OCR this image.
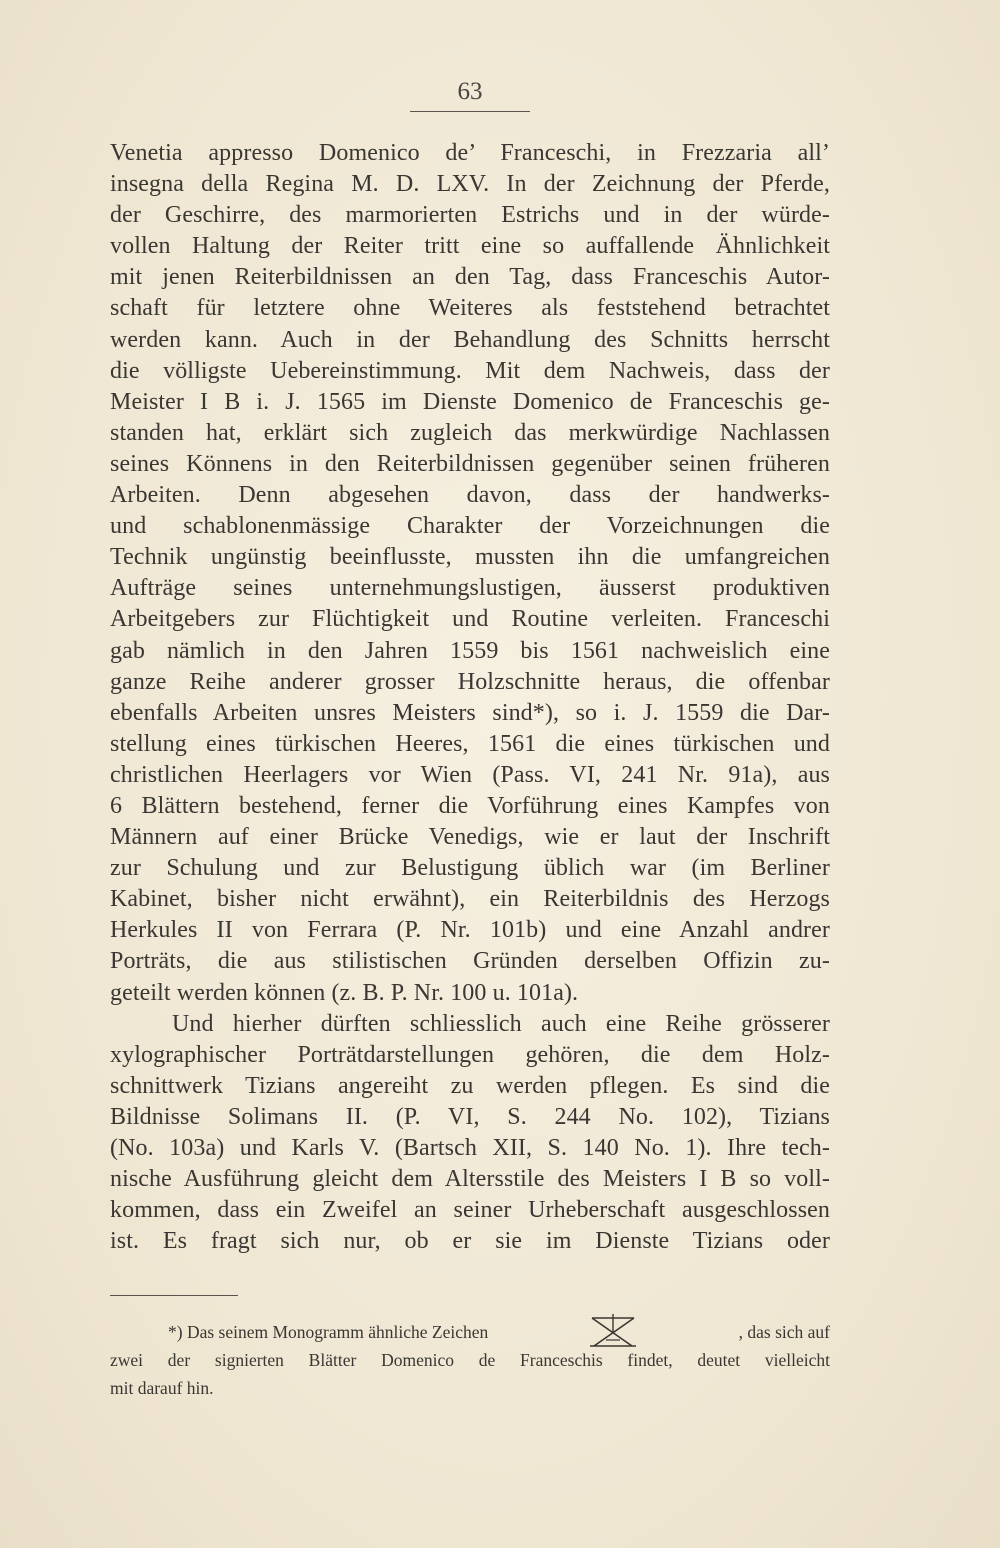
63
Venetia appresso Domenico de’ Franceschi, in Frezzaria all’
insegna della Regina M. D. LXV. In der Zeichnung der Pferde,
der Geschirre, des marmorierten Estrichs und in der würde-
vollen Haltung der Reiter tritt eine so auffallende Ähnlichkeit
mit jenen Reiterbildnissen an den Tag, dass Franceschis Autor-
schaft für letztere ohne Weiteres als feststehend betrachtet
werden kann. Auch in der Behandlung des Schnitts herrscht
die völligste Uebereinstimmung. Mit dem Nachweis, dass der
Meister I B i. J. 1565 im Dienste Domenico de Franceschis ge-
standen hat, erklärt sich zugleich das merkwürdige Nachlassen
seines Könnens in den Reiterbildnissen gegenüber seinen früheren
Arbeiten. Denn abgesehen davon, dass der handwerks-
und schablonenmässige Charakter der Vorzeichnungen die
Technik ungünstig beeinflusste, mussten ihn die umfangreichen
Aufträge seines unternehmungslustigen, äusserst produktiven
Arbeitgebers zur Flüchtigkeit und Routine verleiten. Franceschi
gab nämlich in den Jahren 1559 bis 1561 nachweislich eine
ganze Reihe anderer grosser Holzschnitte heraus, die offenbar
ebenfalls Arbeiten unsres Meisters sind*), so i. J. 1559 die Dar-
stellung eines türkischen Heeres, 1561 die eines türkischen und
christlichen Heerlagers vor Wien (Pass. VI, 241 Nr. 91a), aus
6 Blättern bestehend, ferner die Vorführung eines Kampfes von
Männern auf einer Brücke Venedigs, wie er laut der Inschrift
zur Schulung und zur Belustigung üblich war (im Berliner
Kabinet, bisher nicht erwähnt), ein Reiterbildnis des Herzogs
Herkules II von Ferrara (P. Nr. 101b) und eine Anzahl andrer
Porträts, die aus stilistischen Gründen derselben Offizin zu-
geteilt werden können (z. B. P. Nr. 100 u. 101a).
Und hierher dürften schliesslich auch eine Reihe grösserer
xylographischer Porträtdarstellungen gehören, die dem Holz-
schnittwerk Tizians angereiht zu werden pflegen. Es sind die
Bildnisse Solimans II. (P. VI, S. 244 No. 102), Tizians
(No. 103a) und Karls V. (Bartsch XII, S. 140 No. 1). Ihre tech-
nische Ausführung gleicht dem Altersstile des Meisters I B so voll-
kommen, dass ein Zweifel an seiner Urheberschaft ausgeschlossen
ist. Es fragt sich nur, ob er sie im Dienste Tizians oder
*) Das seinem Monogramm ähnliche Zeichen	, das sich auf
zwei der signierten Blätter Domenico de Franceschis findet, deutet vielleicht
mit darauf hin.
